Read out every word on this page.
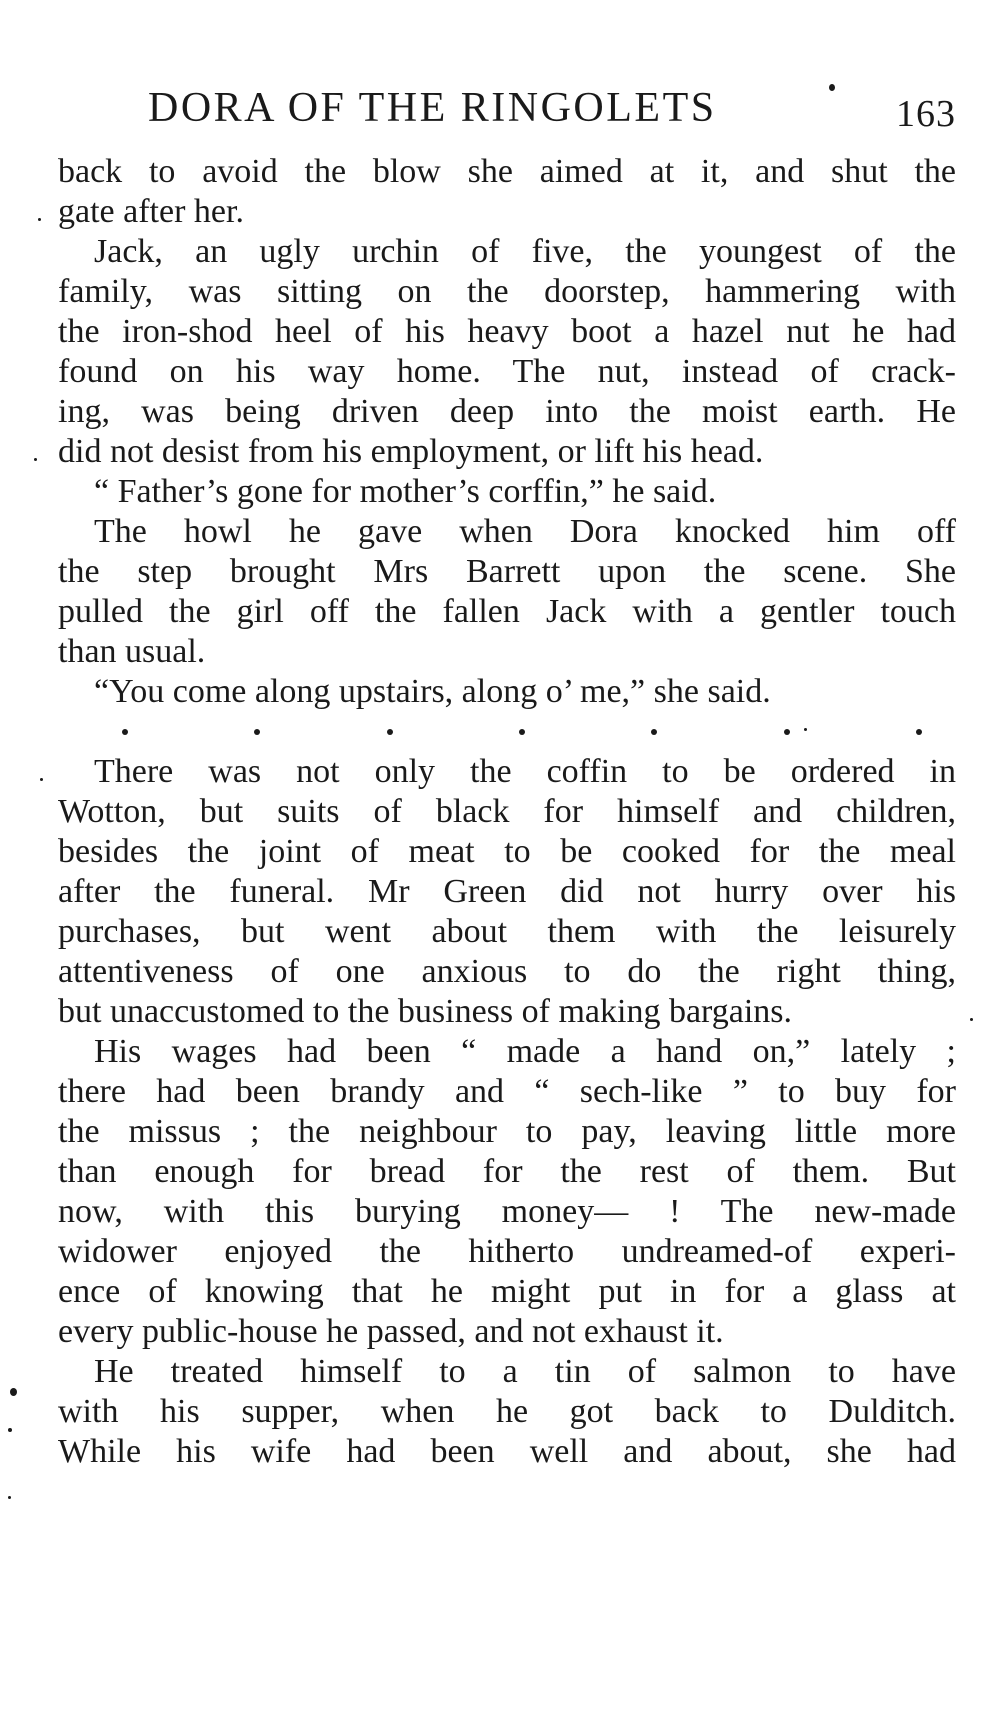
DORA OF THE RINGOLETS	163
back to avoid the blow she aimed at it, and shut the
gate after her.
Jack, an ugly urchin of five, the youngest of the
family, was sitting on the doorstep, hammering with
the iron-shod heel of his heavy boot a hazel nut he had
found on his way home. The nut, instead of crack-
ing, was being driven deep into the moist earth. He
did not desist from his employment, or lift his head.
“ Father’s gone for mother’s corffin,” he said.
The howl he gave when Dora knocked him off
the step brought Mrs Barrett upon the scene. She
pulled the girl off the fallen Jack with a gentler touch
than usual.
“You come along upstairs, along o’ me,” she said.
There was not only the coffin to be ordered in
Wotton, but suits of black for himself and children,
besides the joint of meat to be cooked for the meal
after the funeral. Mr Green did not hurry over his
purchases, but went about them with the leisurely
attentiveness of one anxious to do the right thing,
but unaccustomed to the business of making bargains.
His wages had been “ made a hand on,” lately ;
there had been brandy and “ sech-like ” to buy for
the missus ; the neighbour to pay, leaving little more
than enough for bread for the rest of them. But
now, with this burying money— ! The new-made
widower enjoyed the hitherto undreamed-of experi-
ence of knowing that he might put in for a glass at
every public-house he passed, and not exhaust it.
He treated himself to a tin of salmon to have
with his supper, when he got back to Dulditch.
While his wife had been well and about, she had
